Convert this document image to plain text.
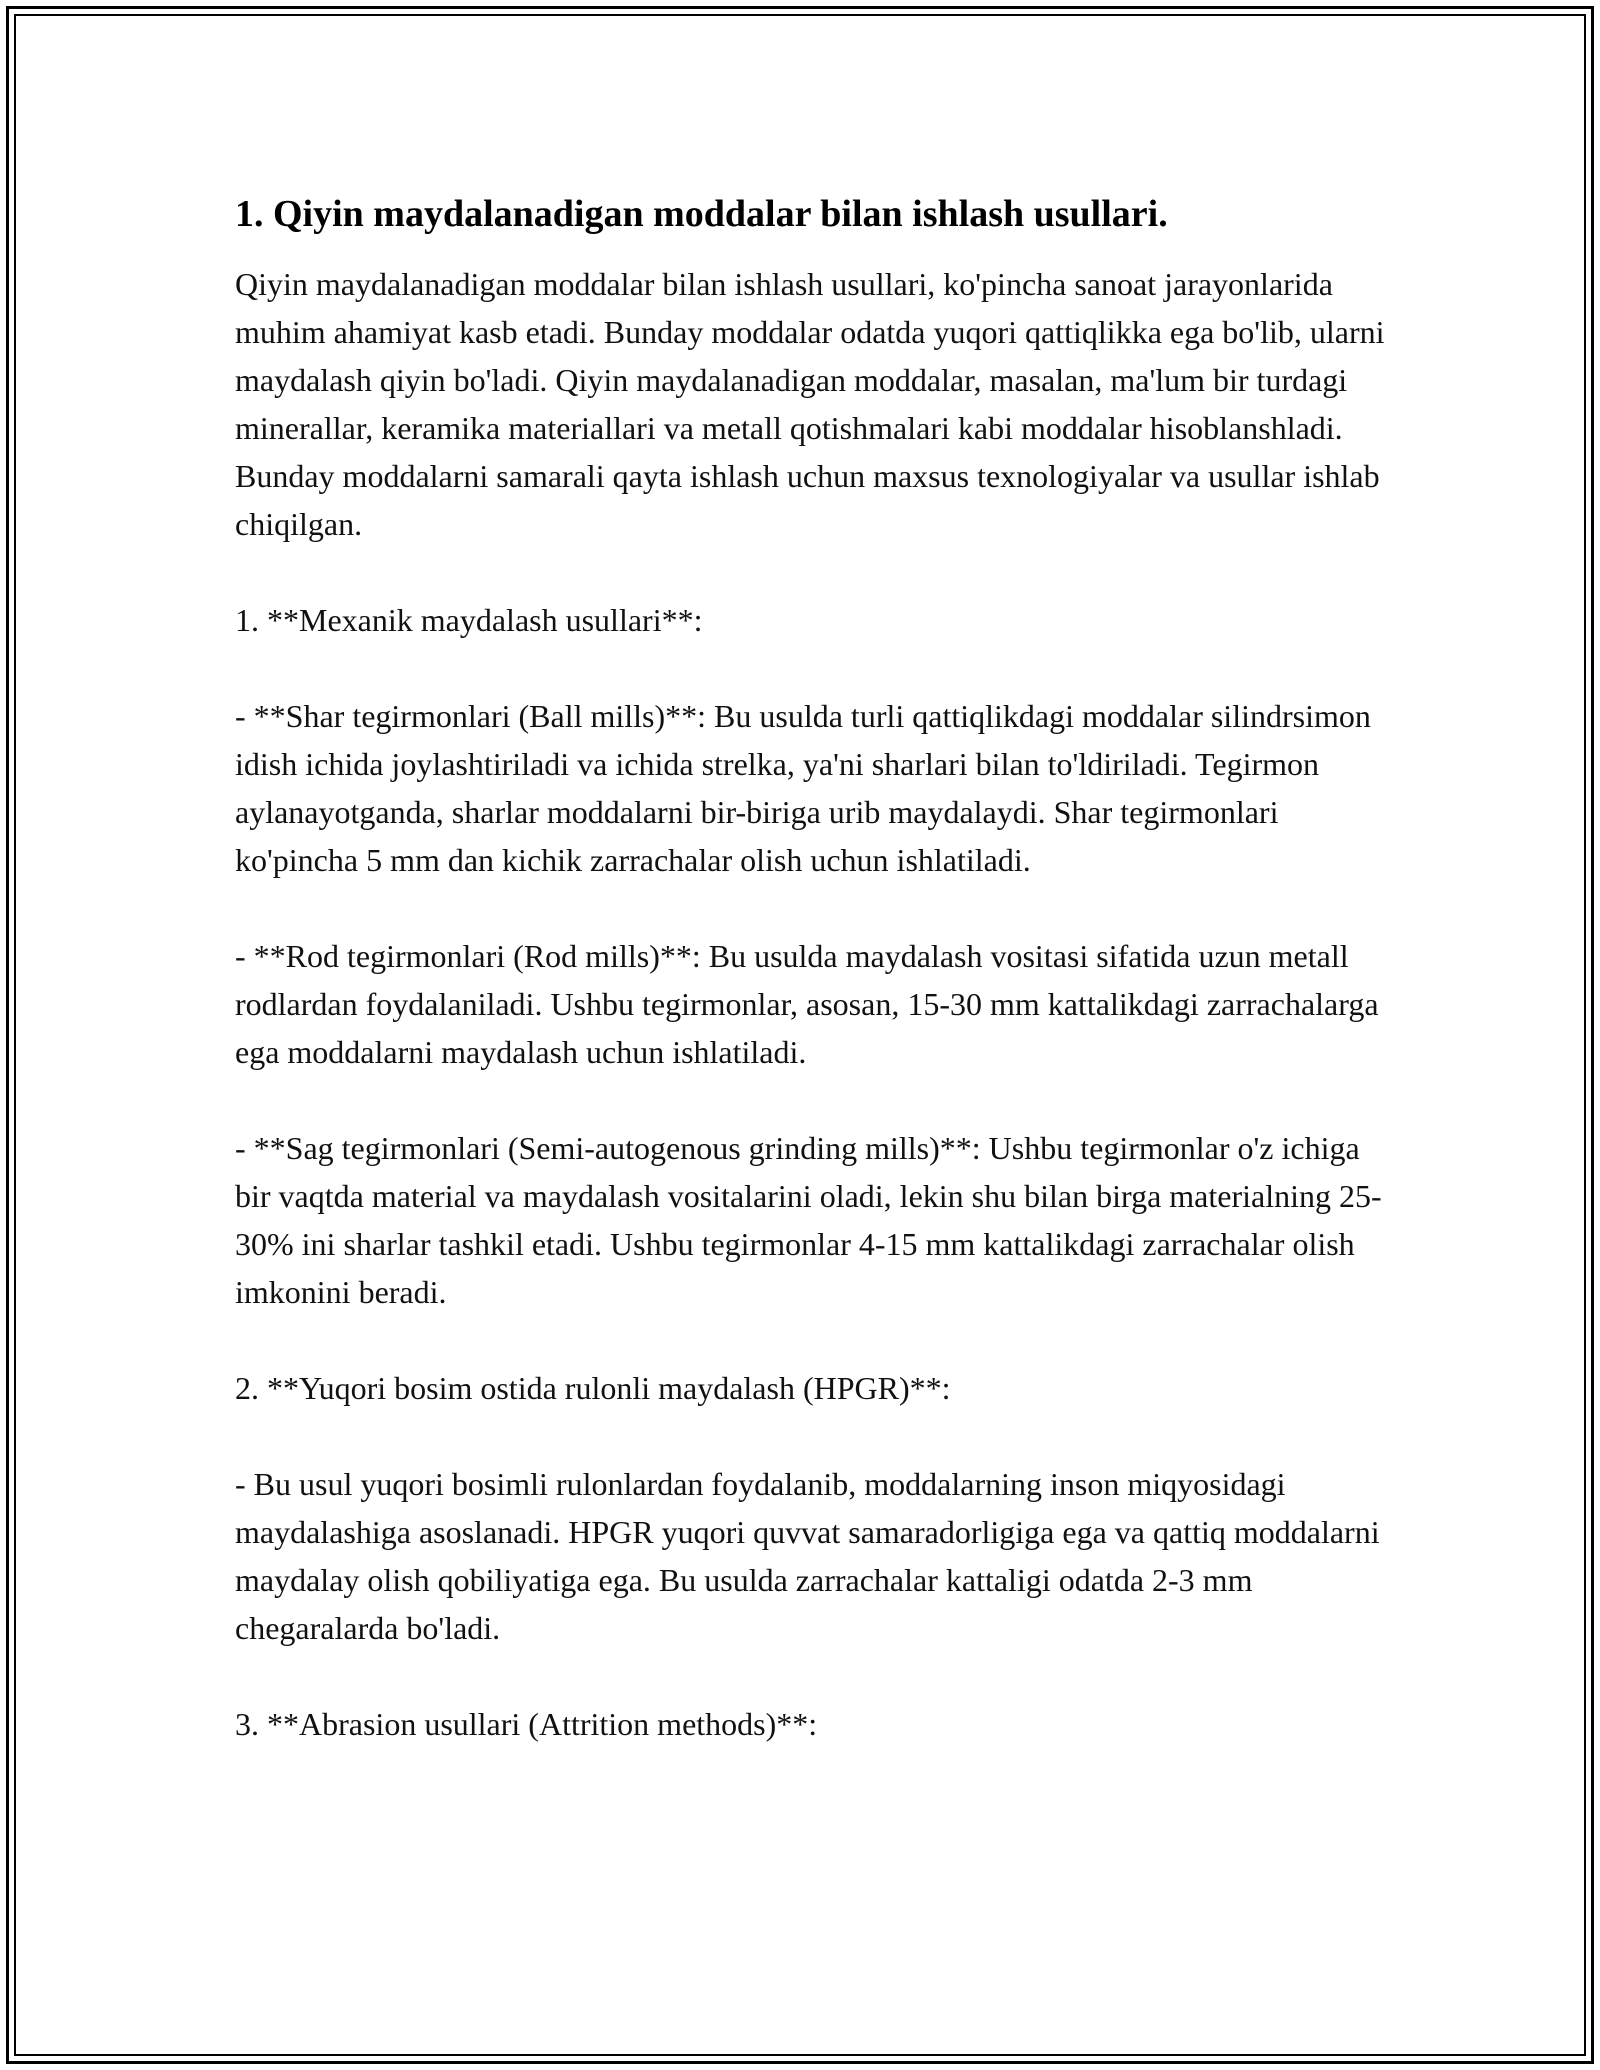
1. Qiyin maydalanadigan moddalar bilan ishlash usullari.

Qiyin maydalanadigan moddalar bilan ishlash usullari, ko'pincha sanoat jarayonlarida muhim ahamiyat kasb etadi. Bunday moddalar odatda yuqori qattiqlikka ega bo'lib, ularni maydalash qiyin bo'ladi. Qiyin maydalanadigan moddalar, masalan, ma'lum bir turdagi minerallar, keramika materiallari va metall qotishmalari kabi moddalar hisoblanshladi. Bunday moddalarni samarali qayta ishlash uchun maxsus texnologiyalar va usullar ishlab chiqilgan.

1. **Mexanik maydalash usullari**:

- **Shar tegirmonlari (Ball mills)**: Bu usulda turli qattiqlikdagi moddalar silindrsimon idish ichida joylashtiriladi va ichida strelka, ya'ni sharlari bilan to'ldiriladi. Tegirmon aylanayotganda, sharlar moddalarni bir-biriga urib maydalaydi. Shar tegirmonlari ko'pincha 5 mm dan kichik zarrachalar olish uchun ishlatiladi.

- **Rod tegirmonlari (Rod mills)**: Bu usulda maydalash vositasi sifatida uzun metall rodlardan foydalaniladi. Ushbu tegirmonlar, asosan, 15-30 mm kattalikdagi zarrachalarga ega moddalarni maydalash uchun ishlatiladi.

- **Sag tegirmonlari (Semi-autogenous grinding mills)**: Ushbu tegirmonlar o'z ichiga bir vaqtda material va maydalash vositalarini oladi, lekin shu bilan birga materialning 25-30% ini sharlar tashkil etadi. Ushbu tegirmonlar 4-15 mm kattalikdagi zarrachalar olish imkonini beradi.

2. **Yuqori bosim ostida rulonli maydalash (HPGR)**:

- Bu usul yuqori bosimli rulonlardan foydalanib, moddalarning inson miqyosidagi maydalashiga asoslanadi. HPGR yuqori quvvat samaradorligiga ega va qattiq moddalarni maydalay olish qobiliyatiga ega. Bu usulda zarrachalar kattaligi odatda 2-3 mm chegaralarda bo'ladi.

3. **Abrasion usullari (Attrition methods)**:
